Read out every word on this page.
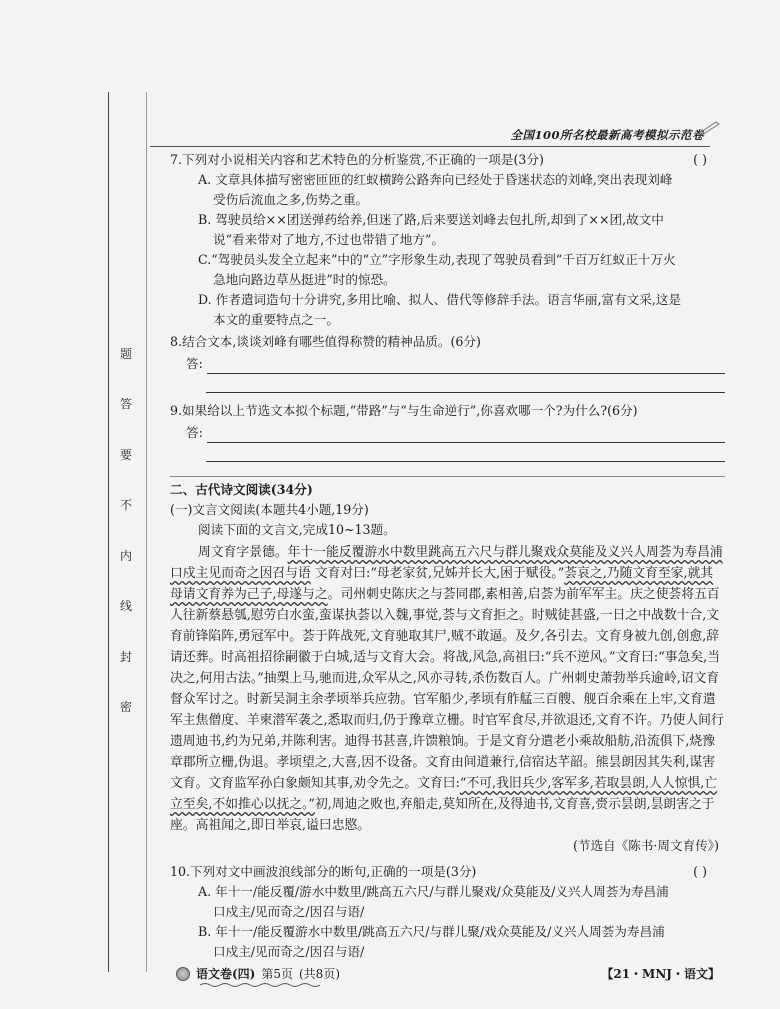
题
答
要
不
内
线
封
密
全国100所名校最新高考模拟示范卷

( )
7.下列对小说相关内容和艺术特色的分析鉴赏,不正确的一项是(3分)

A. 文章具体描写密密匝匝的红蚁横跨公路奔向已经处于昏迷状态的刘峰,突出表现刘峰
受伤后流血之多,伤势之重。
B. 驾驶员给××团送弹药给养,但迷了路,后来要送刘峰去包扎所,却到了××团,故文中
说“看来带对了地方,不过也带错了地方”。
C.“驾驶员头发全立起来”中的“立”字形象生动,表现了驾驶员看到“千百万红蚁正十万火
急地向路边草丛挺进”时的惊恐。
D. 作者遣词造句十分讲究,多用比喻、拟人、借代等修辞手法。语言华丽,富有文采,这是
本文的重要特点之一。

8.结合文本,谈谈刘峰有哪些值得称赞的精神品质。(6分)

答:

9.如果给以上节选文本拟个标题,“带路”与“与生命逆行”,你喜欢哪一个?为什么?(6分)

答:
二、古代诗文阅读(34分)
(一)文言文阅读(本题共4小题,19分)
阅读下面的文言文,完成10~13题。

周文育字景德。年十一能反覆游水中数里跳高五六尺与群儿聚戏众莫能及义兴人周荟为寿昌浦口戍主见而奇之因召与语 文育对曰:“母老家贫,兄姊并长大,困于赋役。”荟哀之,乃随文育至家,就其母请文育养为己子,母遂与之。司州刺史陈庆之与荟同郡,素相善,启荟为前军军主。庆之使荟将五百人往新蔡悬瓠,慰劳白水蛮,蛮谋执荟以入魏,事觉,荟与文育拒之。时贼徒甚盛,一日之中战数十合,文育前锋陷阵,勇冠军中。荟于阵战死,文育驰取其尸,贼不敢逼。及夕,各引去。文育身被九创,创愈,辞请还葬。时高祖招徐嗣徽于白城,适与文育大会。将战,风急,高祖曰:“兵不逆风。”文育曰:“事急矣,当决之,何用古法。”抽槊上马,驰而进,众军从之,风亦寻转,杀伤数百人。广州刺史萧勃举兵逾岭,诏文育督众军讨之。时新吴洞主余孝顷举兵应勃。官军船少,孝顷有舴艋三百艘、舰百余乘在上牢,文育遣军主焦僧度、羊柬潜军袭之,悉取而归,仍于豫章立栅。时官军食尽,并欲退还,文育不许。乃使人间行遗周迪书,约为兄弟,并陈利害。迪得书甚喜,许馈粮饷。于是文育分遣老小乘故船舫,沿流俱下,烧豫章郡所立栅,伪退。孝顷望之,大喜,因不设备。文育由间道兼行,信宿达芊韶。熊昙朗因其失利,谋害文育。文育监军孙白象颇知其事,劝令先之。文育曰:“不可,我旧兵少,客军多,若取昙朗,人人惊惧,亡立至矣,不如推心以抚之。”初,周迪之败也,弃船走,莫知所在,及得迪书,文育喜,赍示昙朗,昙朗害之于座。高祖闻之,即日举哀,谥曰忠愍。

(节选自《陈书·周文育传》)

( )
10.下列对文中画波浪线部分的断句,正确的一项是(3分)

A. 年十一/能反覆/游水中数里/跳高五六尺/与群儿聚戏/众莫能及/义兴人周荟为寿昌浦
口戍主/见而奇之/因召与语/
B. 年十一/能反覆游水中数里/跳高五六尺/与群儿聚/戏众莫能及/义兴人周荟为寿昌浦
口戍主/见而奇之/因召与语/
语文卷(四) 第5页 (共8页)	【21・MNJ・语文】
